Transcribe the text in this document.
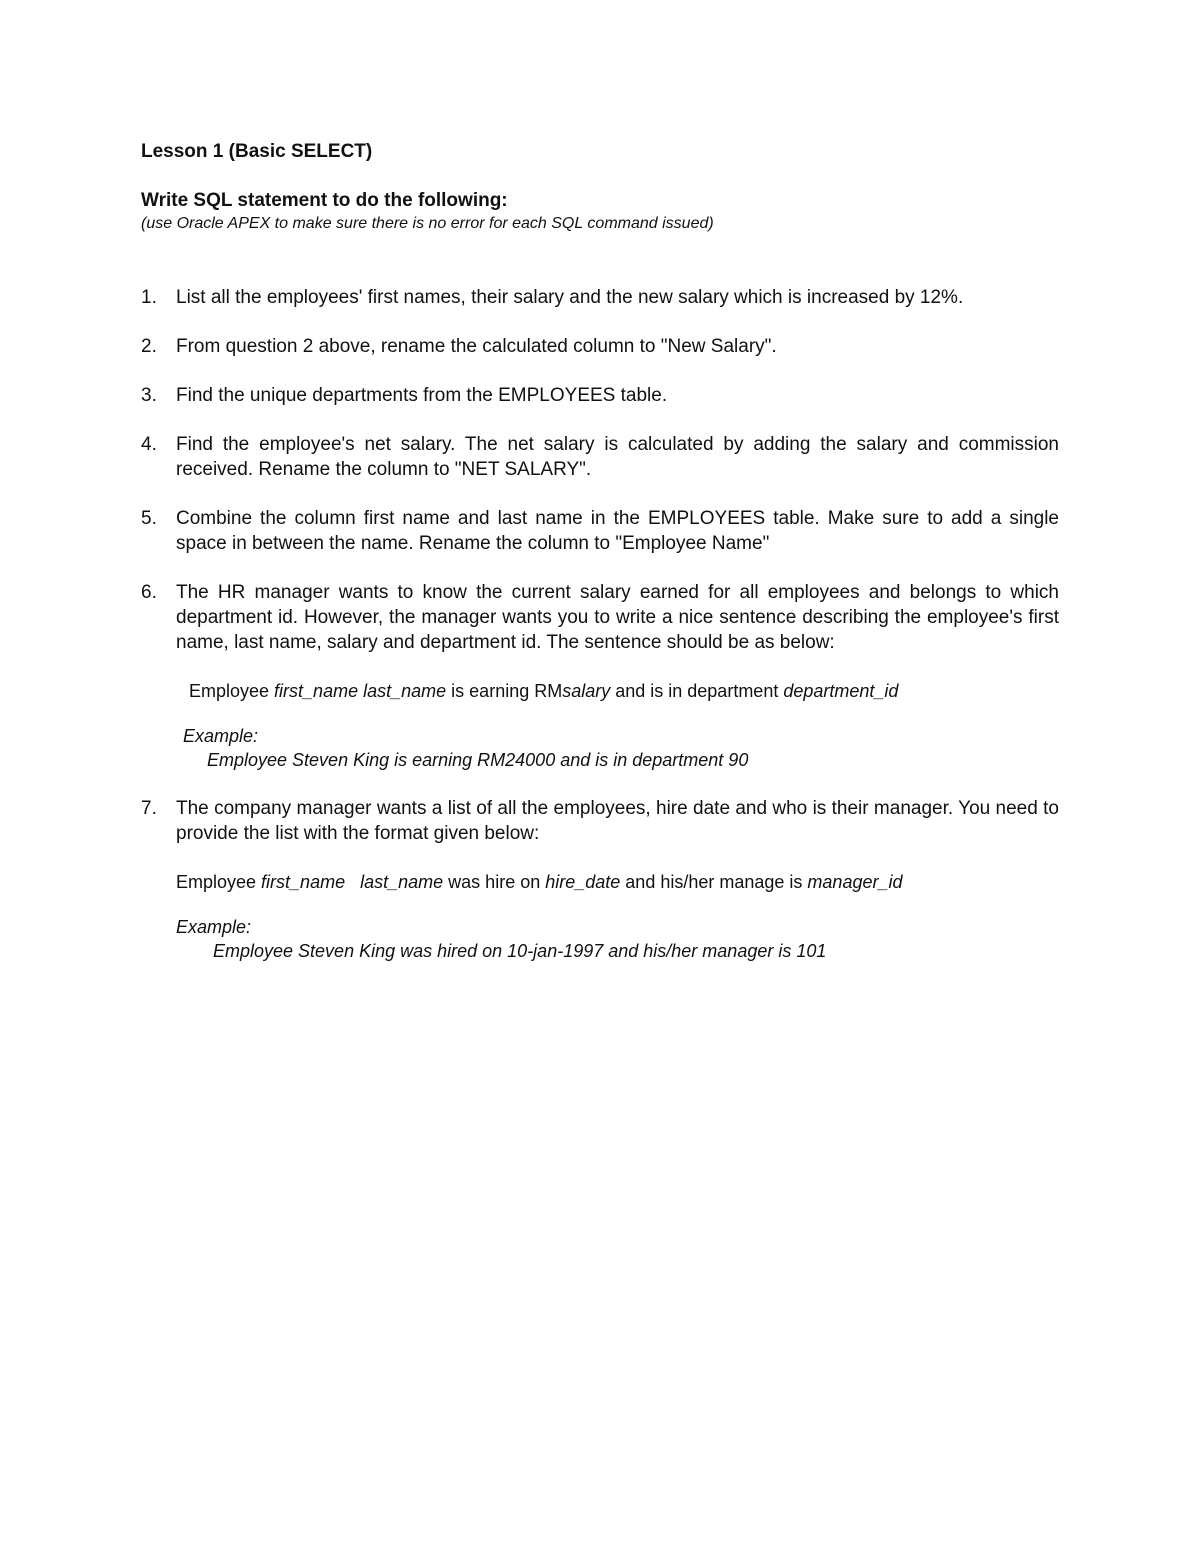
Lesson 1 (Basic SELECT)

Write SQL statement to do the following:

(use Oracle APEX to make sure there is no error for each SQL command issued)

1. List all the employees' first names, their salary and the new salary which is increased by 12%.
2. From question 2 above, rename the calculated column to "New Salary".
3. Find the unique departments from the EMPLOYEES table.
4. Find the employee's net salary. The net salary is calculated by adding the salary and commission received. Rename the column to "NET SALARY".
5. Combine the column first name and last name in the EMPLOYEES table. Make sure to add a single space in between the name. Rename the column to "Employee Name"
6. The HR manager wants to know the current salary earned for all employees and belongs to which department id. However, the manager wants you to write a nice sentence describing the employee's first name, last name, salary and department id. The sentence should be as below:
Employee first_name last_name is earning RMsalary and is in department department_id
Example:
Employee Steven King is earning RM24000 and is in department 90
7. The company manager wants a list of all the employees, hire date and who is their manager. You need to provide the list with the format given below:
Employee first_name last_name was hire on hire_date and his/her manage is manager_id
Example:
Employee Steven King was hired on 10-jan-1997 and his/her manager is 101
